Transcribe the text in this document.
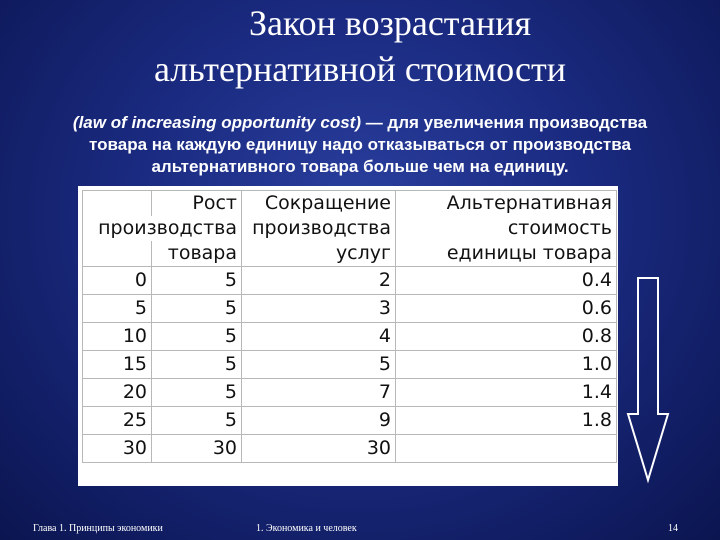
Закон возрастания
альтернативной стоимости
(law of increasing opportunity cost) — для увеличения производства
товара на каждую единицу надо отказываться от производства
альтернативного товара больше чем на единицу.
	Рост	Сокращение	Альтернативная
производства		производства	стоимость
	товара	услуг	единицы товара
0	5	2	0.4
5	5	3	0.6
10	5	4	0.8
15	5	5	1.0
20	5	7	1.4
25	5	9	1.8
30	30	30	
Глава 1. Принципы экономики	1. Экономика и человек	14
